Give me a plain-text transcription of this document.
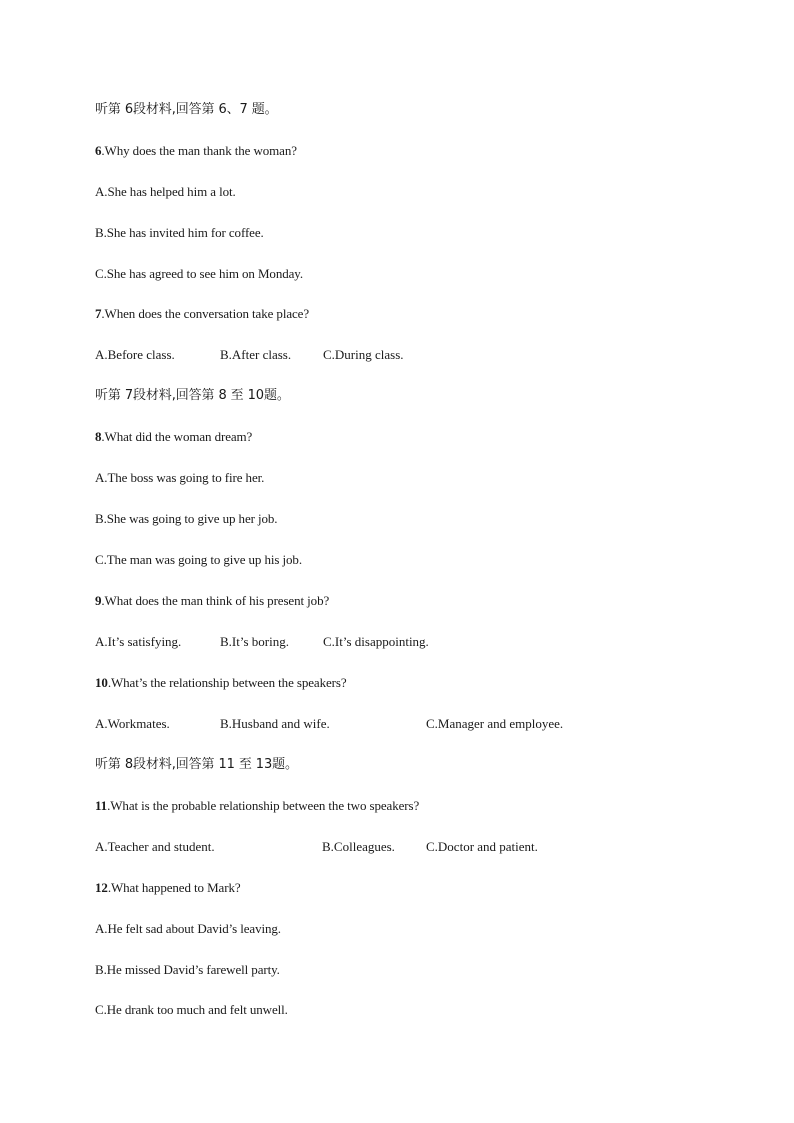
听第 6段材料,回答第 6、7 题。
6.Why does the man thank the woman?
A.She has helped him a lot.
B.She has invited him for coffee.
C.She has agreed to see him on Monday.
7.When does the conversation take place?
A.Before class.	B.After class. C.During class.
听第 7段材料,回答第 8 至 10题。
8.What did the woman dream?
A.The boss was going to fire her.
B.She was going to give up her job.
C.The man was going to give up his job.
9.What does the man think of his present job?
A.It’s satisfying.	B.It’s boring.	C.It’s disappointing.
10.What’s the relationship between the speakers?
A.Workmates.	B.Husband and wife.	C.Manager and employee.
听第 8段材料,回答第 11 至 13题。
11.What is the probable relationship between the two speakers?
A.Teacher and student.	B.Colleagues. C.Doctor and patient.
12.What happened to Mark?
A.He felt sad about David’s leaving.
B.He missed David’s farewell party.
C.He drank too much and felt unwell.
